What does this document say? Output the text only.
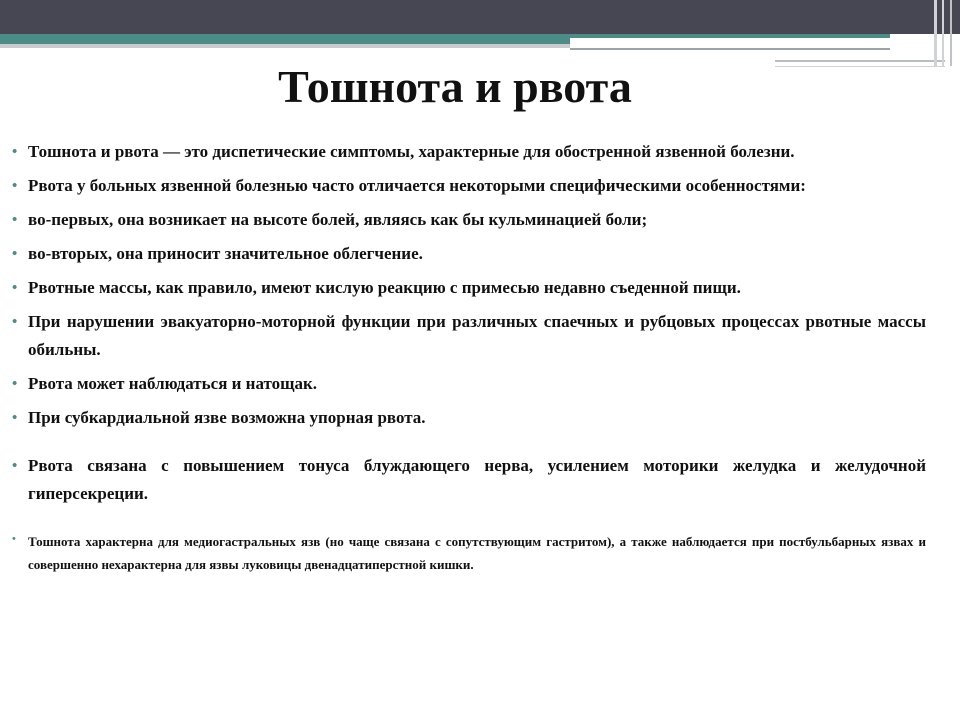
Тошнота и рвота
• Тошнота и рвота — это диспетические симптомы, характерные для обостренной язвенной болезни.
• Рвота у больных язвенной болезнью часто отличается некоторыми специфическими особенностями:
• во-первых, она возникает на высоте болей, являясь как бы кульминацией боли;
• во-вторых, она приносит значительное облегчение.
• Рвотные массы, как правило, имеют кислую реакцию с примесью недавно съеденной пищи.
• При нарушении эвакуаторно-моторной функции при различных спаечных и рубцовых процессах рвотные массы обильны.
• Рвота может наблюдаться и натощак.
• При субкардиальной язве возможна упорная рвота.
• Рвота связана с повышением тонуса блуждающего нерва, усилением моторики желудка и желудочной гиперсекреции.
• Тошнота характерна для медиогастральных язв (но чаще связана с сопутствующим гастритом), а также наблюдается при постбульбарных язвах и совершенно нехарактерна для язвы луковицы двенадцатиперстной кишки.
